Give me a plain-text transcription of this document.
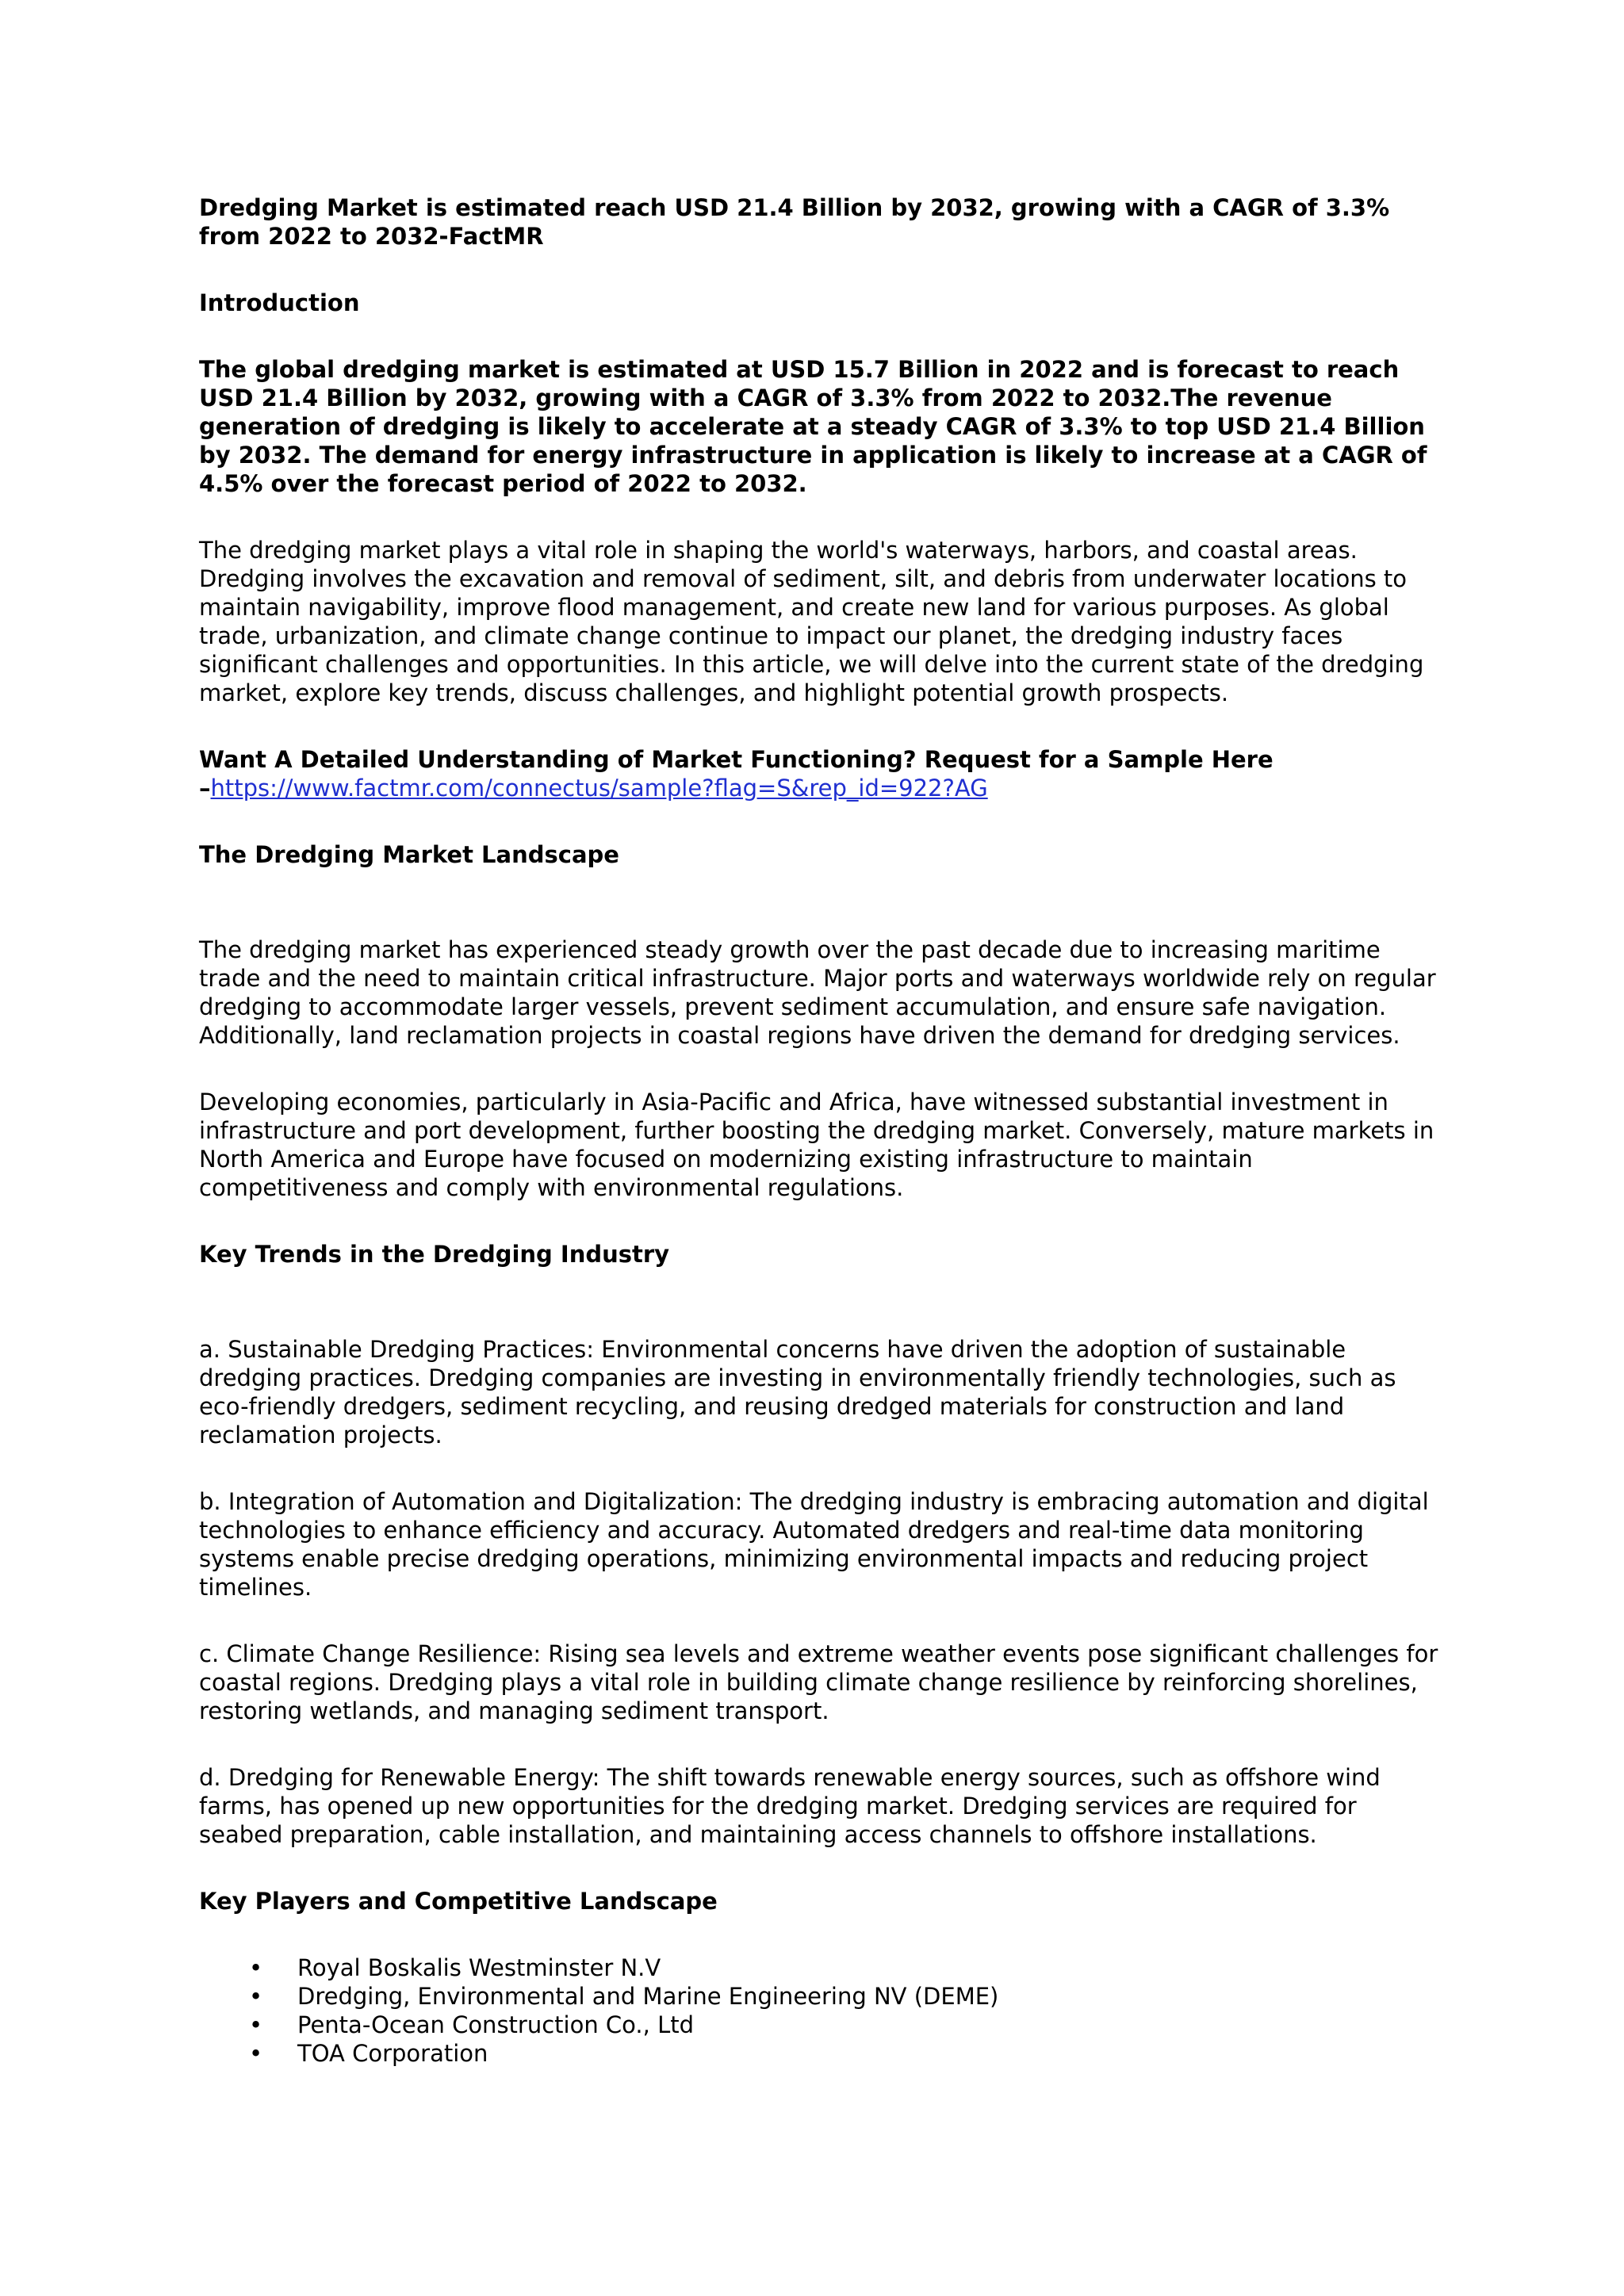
Dredging Market is estimated reach USD 21.4 Billion by 2032, growing with a CAGR of 3.3% from 2022 to 2032-FactMR

Introduction

The global dredging market is estimated at USD 15.7 Billion in 2022 and is forecast to reach USD 21.4 Billion by 2032, growing with a CAGR of 3.3% from 2022 to 2032.The revenue generation of dredging is likely to accelerate at a steady CAGR of 3.3% to top USD 21.4 Billion by 2032. The demand for energy infrastructure in application is likely to increase at a CAGR of 4.5% over the forecast period of 2022 to 2032.

The dredging market plays a vital role in shaping the world's waterways, harbors, and coastal areas. Dredging involves the excavation and removal of sediment, silt, and debris from underwater locations to maintain navigability, improve flood management, and create new land for various purposes. As global trade, urbanization, and climate change continue to impact our planet, the dredging industry faces significant challenges and opportunities. In this article, we will delve into the current state of the dredging market, explore key trends, discuss challenges, and highlight potential growth prospects.

Want A Detailed Understanding of Market Functioning? Request for a Sample Here
–https://www.factmr.com/connectus/sample?flag=S&rep_id=922?AG

The Dredging Market Landscape

The dredging market has experienced steady growth over the past decade due to increasing maritime trade and the need to maintain critical infrastructure. Major ports and waterways worldwide rely on regular dredging to accommodate larger vessels, prevent sediment accumulation, and ensure safe navigation. Additionally, land reclamation projects in coastal regions have driven the demand for dredging services.

Developing economies, particularly in Asia-Pacific and Africa, have witnessed substantial investment in infrastructure and port development, further boosting the dredging market. Conversely, mature markets in North America and Europe have focused on modernizing existing infrastructure to maintain competitiveness and comply with environmental regulations.

Key Trends in the Dredging Industry

a. Sustainable Dredging Practices: Environmental concerns have driven the adoption of sustainable dredging practices. Dredging companies are investing in environmentally friendly technologies, such as eco-friendly dredgers, sediment recycling, and reusing dredged materials for construction and land reclamation projects.

b. Integration of Automation and Digitalization: The dredging industry is embracing automation and digital technologies to enhance efficiency and accuracy. Automated dredgers and real-time data monitoring systems enable precise dredging operations, minimizing environmental impacts and reducing project timelines.

c. Climate Change Resilience: Rising sea levels and extreme weather events pose significant challenges for coastal regions. Dredging plays a vital role in building climate change resilience by reinforcing shorelines, restoring wetlands, and managing sediment transport.

d. Dredging for Renewable Energy: The shift towards renewable energy sources, such as offshore wind farms, has opened up new opportunities for the dredging market. Dredging services are required for seabed preparation, cable installation, and maintaining access channels to offshore installations.

Key Players and Competitive Landscape

• Royal Boskalis Westminster N.V
• Dredging, Environmental and Marine Engineering NV (DEME)
• Penta-Ocean Construction Co., Ltd
• TOA Corporation
